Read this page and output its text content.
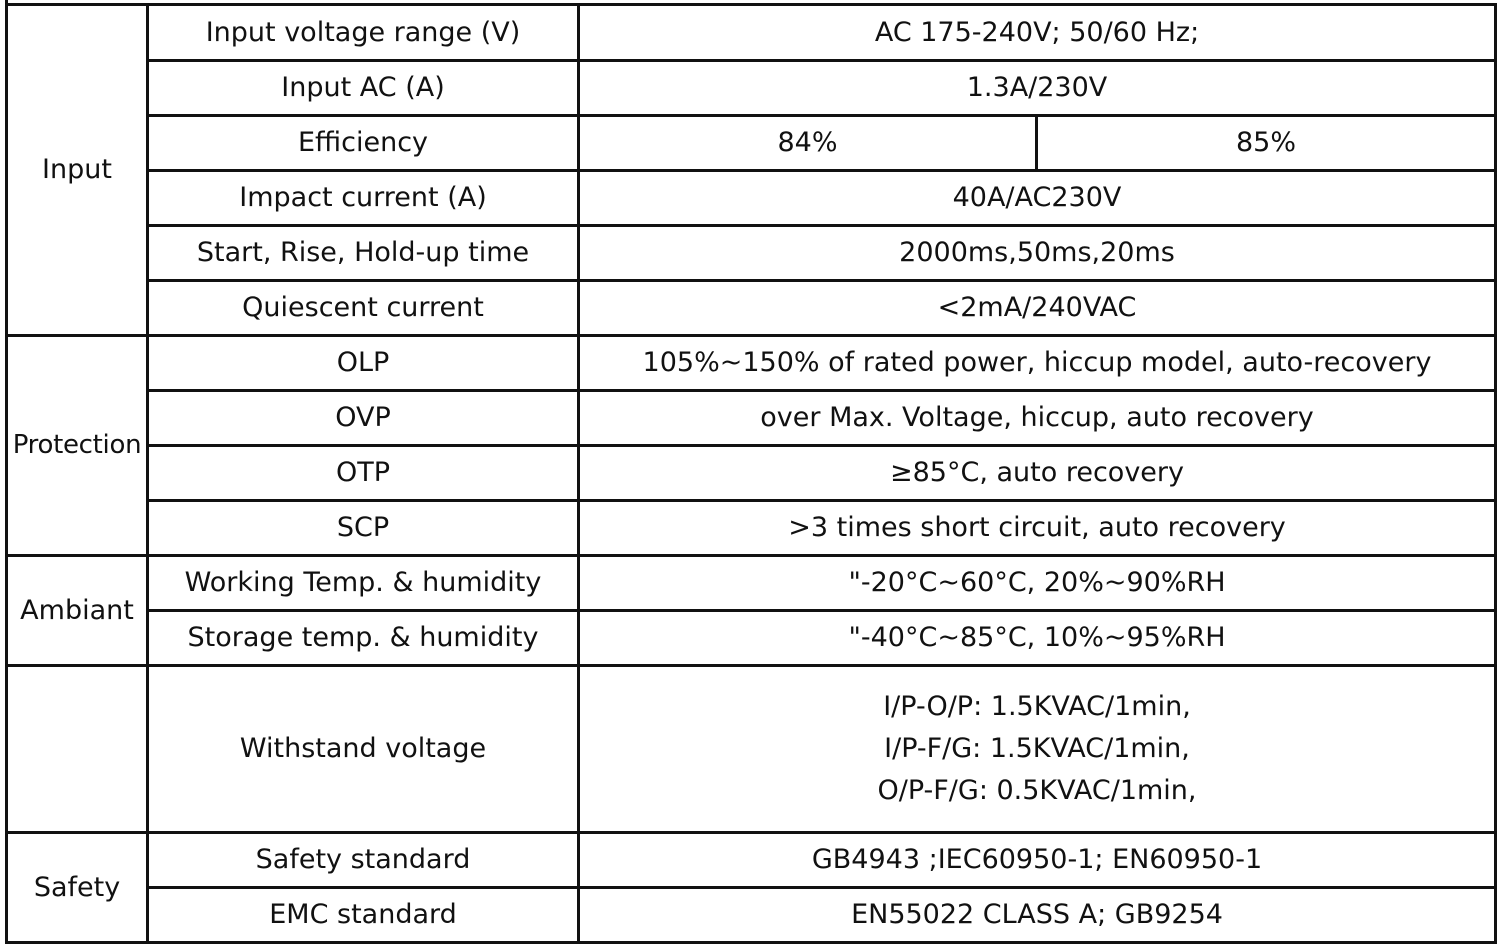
Input	Input voltage range (V)	AC 175-240V; 50/60 Hz;	
	Input AC (A)	1.3A/230V	
	Efficiency	84%	85%
	Impact current (A)	40A/AC230V	
	Start, Rise, Hold-up time	2000ms,50ms,20ms	
	Quiescent current	<2mA/240VAC	
Protection	OLP	105%~150% of rated power, hiccup model, auto-recovery	
	OVP	over Max. Voltage, hiccup, auto recovery	
	OTP	≥85°C, auto recovery	
	SCP	>3 times short circuit, auto recovery	
Ambiant	Working Temp. & humidity	"-20°C~60°C, 20%~90%RH	
	Storage temp. & humidity	"-40°C~85°C, 10%~95%RH	
	Withstand voltage	I/P-O/P: 1.5KVAC/1min,
I/P-F/G: 1.5KVAC/1min,
O/P-F/G: 0.5KVAC/1min,	

Safety	Safety standard	GB4943 ;IEC60950-1; EN60950-1	
	EMC standard	EN55022 CLASS A; GB9254	
